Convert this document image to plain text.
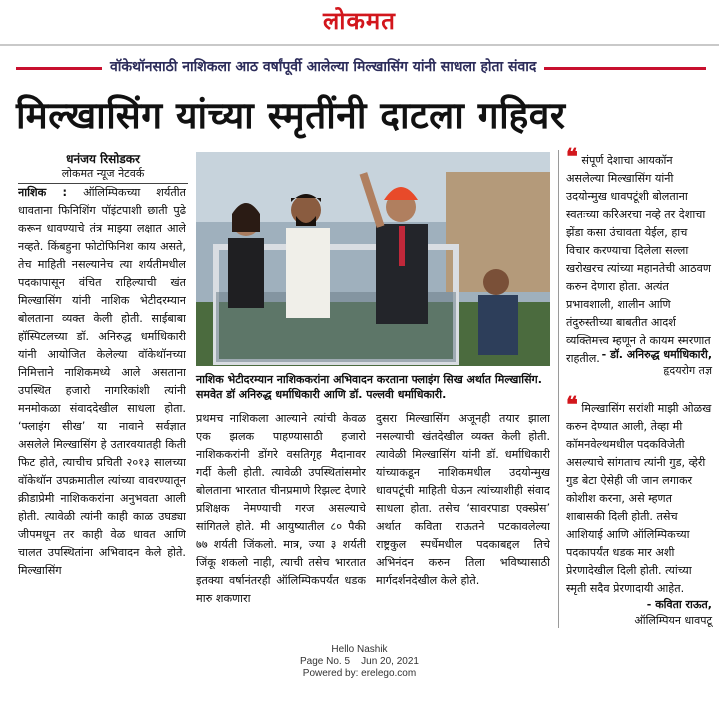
लोकमत
वॉकेथॉनसाठी नाशिकला आठ वर्षांपूर्वी आलेल्या मिल्खासिंग यांनी साधला होता संवाद
मिल्खासिंग यांच्या स्मृतींनी दाटला गहिवर
धनंजय रिसोडकर
लोकमत न्यूज नेटवर्क
नाशिक : ऑलिम्पिकच्या शर्यतीत धावताना फिनिशिंग पॉइंटपाशी छाती पुढे करून धावण्याचे तंत्र माझ्या लक्षात आले नव्हते. किंबहुना फोटोफिनिश काय असते, तेच माहिती नसल्यानेच त्या शर्यतीमधील पदकापासून वंचित राहिल्याची खंत मिल्खासिंग यांनी नाशिक भेटीदरम्यान बोलताना व्यक्त केली होती. साईबाबा हॉस्पिटलच्या डॉ. अनिरुद्ध धर्माधिकारी यांनी आयोजित केलेल्या वॉकेथॉनच्या निमित्ताने नाशिकमध्ये आले असताना उपस्थित हजारो नागरिकांशी त्यांनी मनमोकळा संवाददेखील साधला होता. ‘फ्लाइंग सीख’ या नावाने सर्वज्ञात असलेले मिल्खासिंग हे उतारवयातही किती फिट होते, त्याचीच प्रचिती २०१३ सालच्या वॉकेथॉन उपक्रमातील त्यांच्या वावरण्यातून क्रीडाप्रेमी नाशिककरांना अनुभवता आली होती. त्यावेळी त्यांनी काही काळ उघड्या जीपमधून तर काही वेळ धावत आणि चालत उपस्थितांना अभिवादन केले होते. मिल्खासिंग
नाशिक भेटीदरम्यान नाशिककरांना अभिवादन करताना फ्लाइंग सिख अर्थात मिल्खासिंग. समवेत डॉ अनिरुद्ध धर्माधिकारी आणि डॉ. पल्लवी धर्माधिकारी.
प्रथमच नाशिकला आल्याने त्यांची केवळ एक झलक पाहण्यासाठी हजारो नाशिककरांनी डोंगरे वसतिगृह मैदानावर गर्दी केली होती. त्यावेळी उपस्थितांसमोर बोलताना भारतात चीनप्रमाणे रिझल्ट देणारे प्रशिक्षक नेमण्याची गरज असल्याचे सांगितले होते. मी आयुष्यातील ८० पैकी ७७ शर्यती जिंकलो. मात्र, ज्या ३ शर्यती जिंकू शकलो नाही, त्याची तसेच भारतात इतक्या वर्षानंतरही ऑलिम्पिकपर्यंत धडक मारु शकणारा
दुसरा मिल्खासिंग अजूनही तयार झाला नसल्याची खंतदेखील व्यक्त केली होती. त्यावेळी मिल्खासिंग यांनी डॉ. धर्माधिकारी यांच्याकडून नाशिकमधील उदयोन्मुख धावपटूंची माहिती घेऊन त्यांच्याशीही संवाद साधला होता. तसेच ‘सावरपाडा एक्स्प्रेस’ अर्थात कविता राऊतने पटकावलेल्या राष्ट्रकुल स्पर्धेमधील पदकाबद्दल तिचे अभिनंदन करुन तिला भविष्यासाठी मार्गदर्शनदेखील केले होते.
❝ संपूर्ण देशाचा आयकॉन असलेल्या मिल्खासिंग यांनी उदयोन्मुख धावपटूंशी बोलताना स्वतःच्या करिअरचा नव्हे तर देशाचा झेंडा कसा उंचावता येईल, हाच विचार करण्याचा दिलेला सल्ला खरोखरच त्यांच्या महानतेची आठवण करुन देणारा होता. अत्यंत प्रभावशाली, शालीन आणि तंदुरुस्तीच्या बाबतीत आदर्श व्यक्तिमत्त्व म्हणून ते कायम स्मरणात राहतील. - डॉ. अनिरुद्ध धर्माधिकारी,
हृदयरोग तज्ञ
❝ मिल्खासिंग सरांशी माझी ओळख करुन देण्यात आली, तेव्हा मी कॉमनवेल्थमधील पदकविजेती असल्याचे सांगताच त्यांनी गुड, व्हेरी गुड बेटा ऐसेही जी जान लगाकर कोशीश करना, असे म्हणत शाबासकी दिली होती. तसेच आशियाई आणि ऑलिम्पिकच्या पदकापर्यंत धडक मार अशी प्रेरणादेखील दिली होती. त्यांच्या स्मृती सदैव प्रेरणादायी आहेत.
- कविता राऊत,
ऑलिम्पियन धावपटू
Hello Nashik
Page No. 5    Jun 20, 2021
Powered by: erelego.com
